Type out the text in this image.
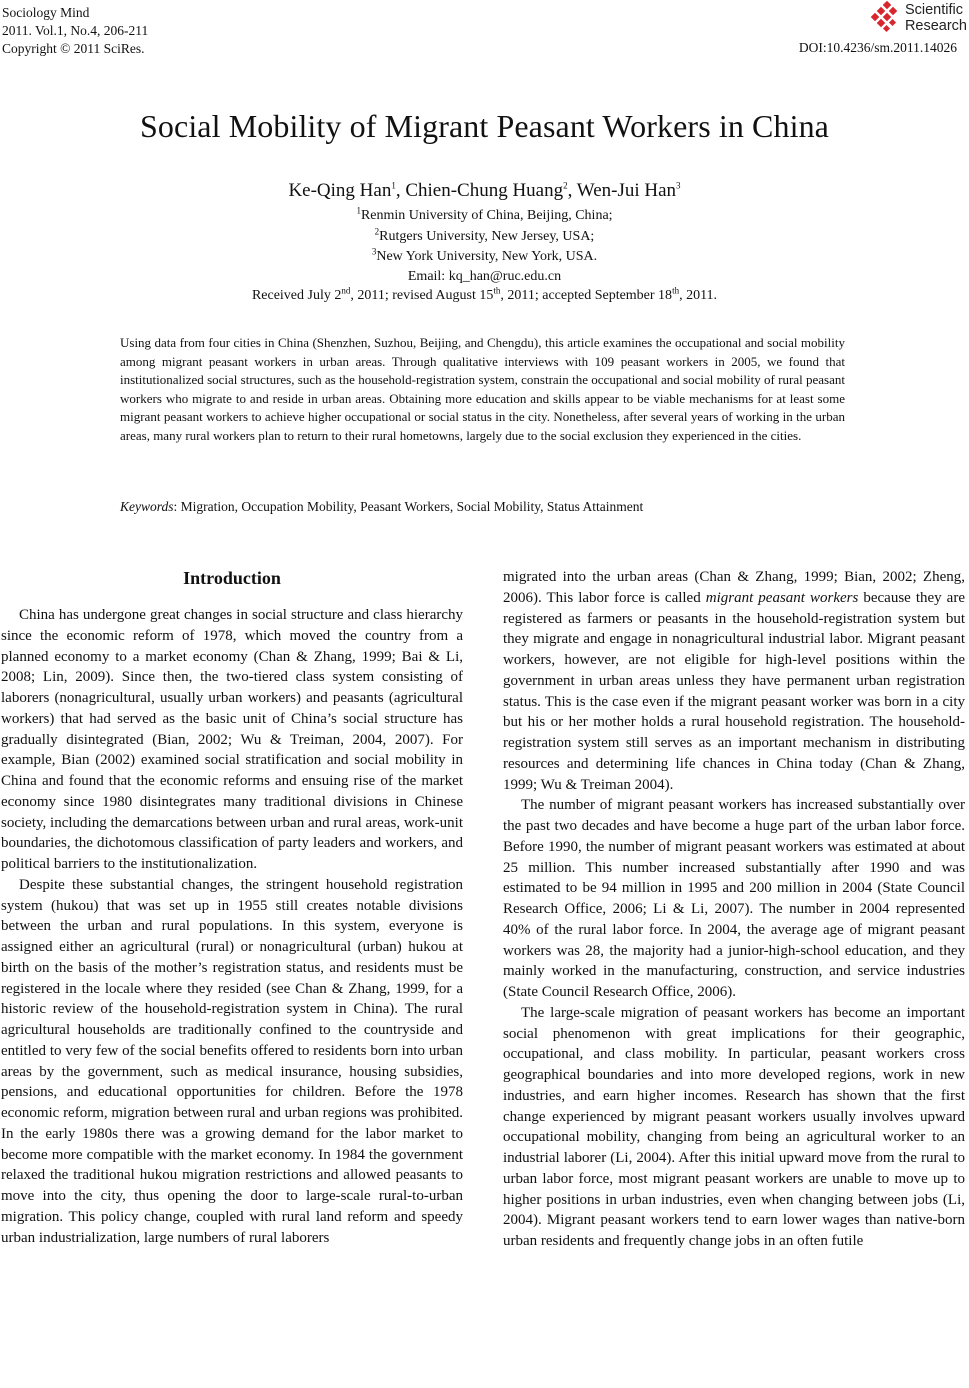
Sociology Mind
2011. Vol.1, No.4, 206-211
Copyright © 2011 SciRes.
Scientific
Research
DOI:10.4236/sm.2011.14026
Social Mobility of Migrant Peasant Workers in China
Ke-Qing Han$^1$, Chien-Chung Huang$^2$, Wen-Jui Han$^3$
$^1$Renmin University of China, Beijing, China;
$^2$Rutgers University, New Jersey, USA;
$^3$New York University, New York, USA.
Email: kq_han@ruc.edu.cn
Received July 2nd, 2011; revised August 15th, 2011; accepted September 18th, 2011.
Using data from four cities in China (Shenzhen, Suzhou, Beijing, and Chengdu), this article examines the occupational and social mobility among migrant peasant workers in urban areas. Through qualitative interviews with 109 peasant workers in 2005, we found that institutionalized social structures, such as the household-registration system, constrain the occupational and social mobility of rural peasant workers who migrate to and reside in urban areas. Obtaining more education and skills appear to be viable mechanisms for at least some migrant peasant workers to achieve higher occupational or social status in the city. Nonetheless, after several years of working in the urban areas, many rural workers plan to return to their rural hometowns, largely due to the social exclusion they experienced in the cities.
Keywords: Migration, Occupation Mobility, Peasant Workers, Social Mobility, Status Attainment

Introduction

China has undergone great changes in social structure and class hierarchy since the economic reform of 1978, which moved the country from a planned economy to a market economy (Chan & Zhang, 1999; Bai & Li, 2008; Lin, 2009). Since then, the two-tiered class system consisting of laborers (nonagricultural, usually urban workers) and peasants (agricultural workers) that had served as the basic unit of China’s social structure has gradually disintegrated (Bian, 2002; Wu & Treiman, 2004, 2007). For example, Bian (2002) examined social stratification and social mobility in China and found that the economic reforms and ensuing rise of the market economy since 1980 disintegrates many traditional divisions in Chinese society, including the demarcations between urban and rural areas, work-unit boundaries, the dichotomous classification of party leaders and workers, and political barriers to the institutionalization.

Despite these substantial changes, the stringent household registration system (hukou) that was set up in 1955 still creates notable divisions between the urban and rural populations. In this system, everyone is assigned either an agricultural (rural) or nonagricultural (urban) hukou at birth on the basis of the mother’s registration status, and residents must be registered in the locale where they resided (see Chan & Zhang, 1999, for a historic review of the household-registration system in China). The rural agricultural households are traditionally confined to the countryside and entitled to very few of the social benefits offered to residents born into urban areas by the government, such as medical insurance, housing subsidies, pensions, and educational opportunities for children. Before the 1978 economic reform, migration between rural and urban regions was prohibited. In the early 1980s there was a growing demand for the labor market to become more compatible with the market economy. In 1984 the government relaxed the traditional hukou migration restrictions and allowed peasants to move into the city, thus opening the door to large-scale rural-to-urban migration. This policy change, coupled with rural land reform and speedy urban industrialization, large numbers of rural laborers

migrated into the urban areas (Chan & Zhang, 1999; Bian, 2002; Zheng, 2006). This labor force is called migrant peasant workers because they are registered as farmers or peasants in the household-registration system but they migrate and engage in nonagricultural industrial labor. Migrant peasant workers, however, are not eligible for high-level positions within the government in urban areas unless they have permanent urban registration status. This is the case even if the migrant peasant worker was born in a city but his or her mother holds a rural household registration. The household-registration system still serves as an important mechanism in distributing resources and determining life chances in China today (Chan & Zhang, 1999; Wu & Treiman 2004).

The number of migrant peasant workers has increased substantially over the past two decades and have become a huge part of the urban labor force. Before 1990, the number of migrant peasant workers was estimated at about 25 million. This number increased substantially after 1990 and was estimated to be 94 million in 1995 and 200 million in 2004 (State Council Research Office, 2006; Li & Li, 2007). The number in 2004 represented 40% of the rural labor force. In 2004, the average age of migrant peasant workers was 28, the majority had a junior-high-school education, and they mainly worked in the manufacturing, construction, and service industries (State Council Research Office, 2006).

The large-scale migration of peasant workers has become an important social phenomenon with great implications for their geographic, occupational, and class mobility. In particular, peasant workers cross geographical boundaries and into more developed regions, work in new industries, and earn higher incomes. Research has shown that the first change experienced by migrant peasant workers usually involves upward occupational mobility, changing from being an agricultural worker to an industrial laborer (Li, 2004). After this initial upward move from the rural to urban labor force, most migrant peasant workers are unable to move up to higher positions in urban industries, even when changing between jobs (Li, 2004). Migrant peasant workers tend to earn lower wages than native-born urban residents and frequently change jobs in an often futile
